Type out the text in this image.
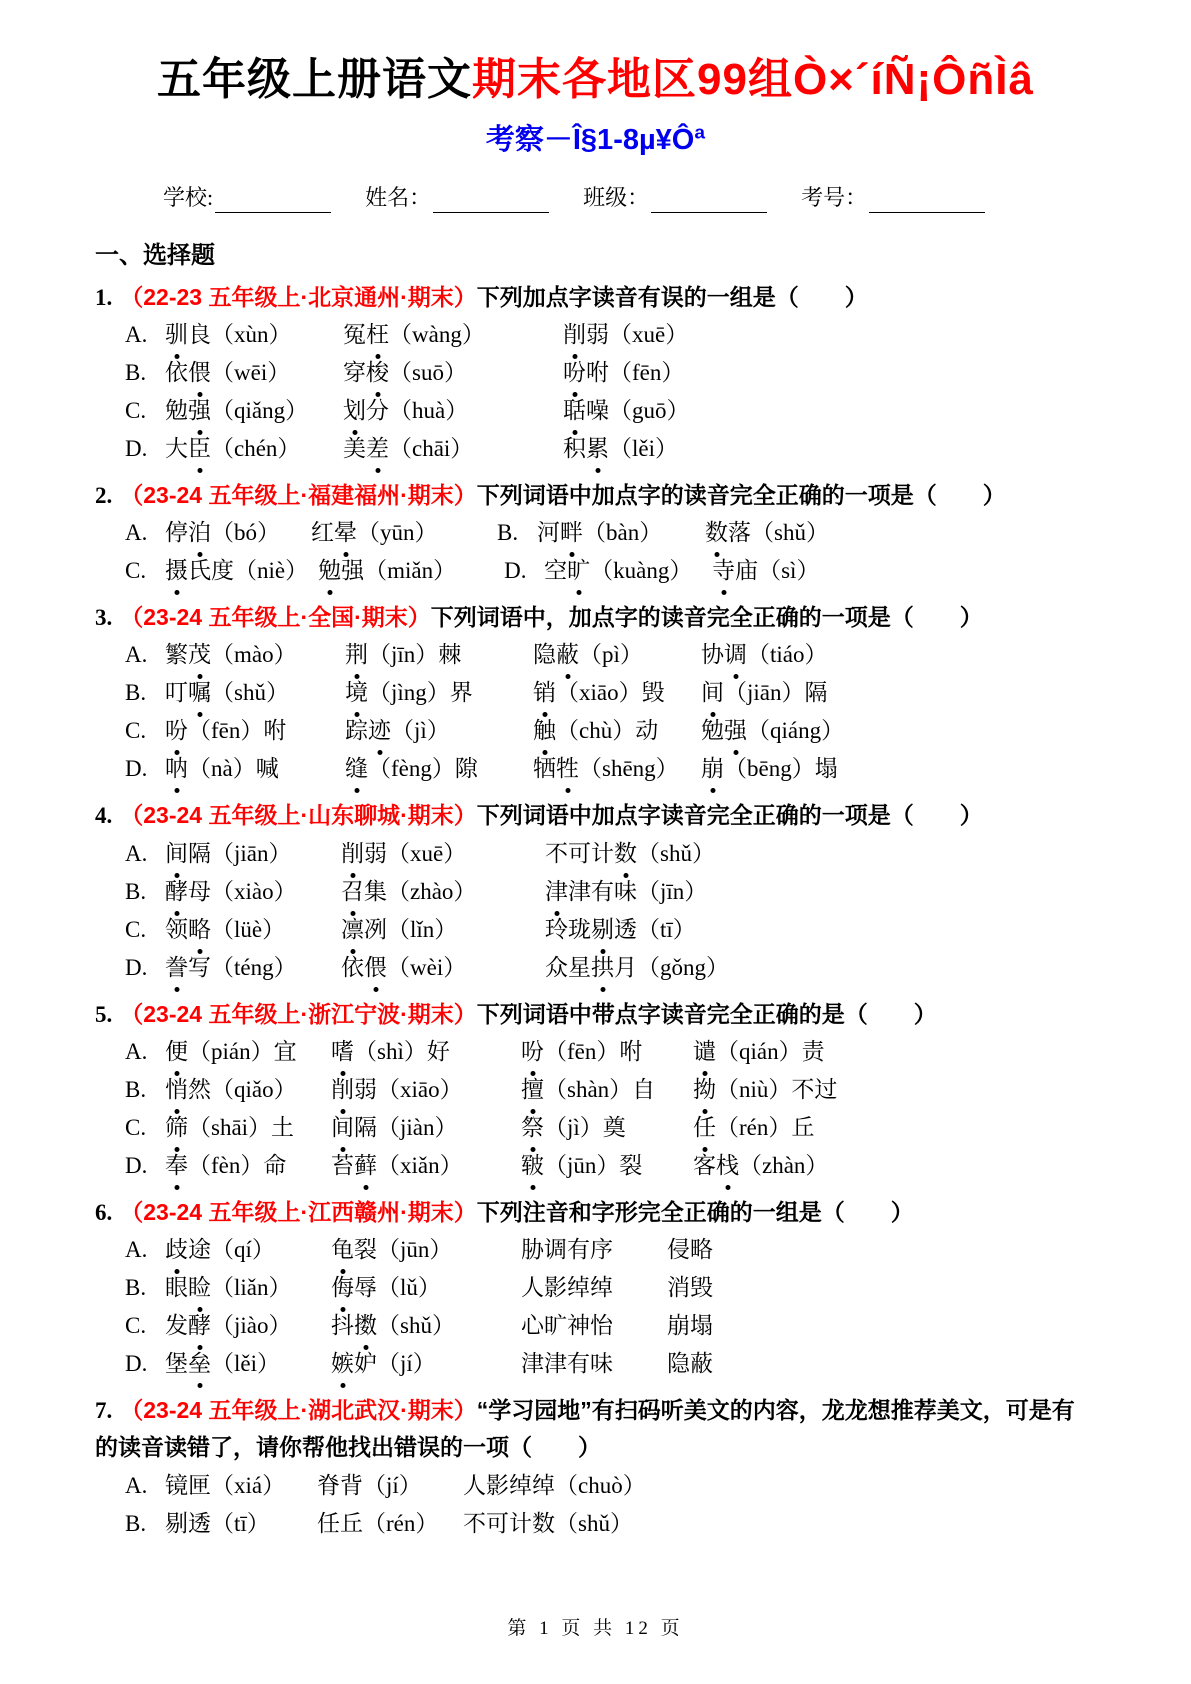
五年级上册语文期末各地区99组Ò×´íÑ¡ÔñÌâ
考察－Î§1-8µ¥Ôª
学校:	姓名：	班级：	考号：
一、选择题
1. （22-23 五年级上·北京通州·期末）下列加点字读音有误的一组是（　　）
A. 驯良（xùn）	冤枉（wàng）	削弱（xuē）
B. 依偎（wēi）	穿梭（suō）	吩咐（fēn）
C. 勉强（qiǎng）	划分（huà）	聒噪（guō）
D. 大臣（chén）	美差（chāi）	积累（lěi）
2. （23-24 五年级上·福建福州·期末）下列词语中加点字的读音完全正确的一项是（　　）
A. 停泊（bó）	红晕（yūn）	B. 河畔（bàn）	数落（shǔ）
C. 摄氏度（niè） 勉强（miǎn）	D. 空旷（kuàng） 寺庙（sì）
3. （23-24 五年级上·全国·期末）下列词语中，加点字的读音完全正确的一项是（　　）
A. 繁茂（mào）	荆（jīn）棘	隐蔽（pì）	协调（tiáo）
B. 叮嘱（shǔ）	境（jìng）界	销（xiāo）毁	间（jiān）隔
C. 吩（fēn）咐	踪迹（jì）	触（chù）动	勉强（qiáng）
D. 呐（nà）喊	缝（fèng）隙	牺牲（shēng） 崩（bēng）塌
4. （23-24 五年级上·山东聊城·期末）下列词语中加点字读音完全正确的一项是（　　）
A. 间隔（jiān）	削弱（xuē）	不可计数（shǔ）
B. 酵母（xiào）	召集（zhào）	津津有味（jīn）
C. 领略（lüè）	凛冽（lǐn）	玲珑剔透（tī）
D. 誊写（téng）	依偎（wèi）	众星拱月（gǒng）
5. （23-24 五年级上·浙江宁波·期末）下列词语中带点字读音完全正确的是（　　）
A. 便（pián）宜	嗜（shì）好	吩（fēn）咐	谴（qián）责
B. 悄然（qiǎo）	削弱（xiāo）	擅（shàn）自	拗（niù）不过
C. 筛（shāi）土	间隔（jiàn）	祭（jì）奠	任（rén）丘
D. 奉（fèn）命	苔藓（xiǎn）	皲（jūn）裂	客栈（zhàn）
6. （23-24 五年级上·江西赣州·期末）下列注音和字形完全正确的一组是（　　）
A. 歧途（qí）	龟裂（jūn）	胁调有序	侵略
B. 眼睑（liǎn）	侮辱（lǔ）	人影绰绰	消毁
C. 发酵（jiào）	抖擞（shǔ）	心旷神怡	崩塌
D. 堡垒（lěi）	嫉妒（jí）	津津有味	隐蔽
7. （23-24 五年级上·湖北武汉·期末）“学习园地”有扫码听美文的内容，龙龙想推荐美文，可是有的读音读错了，请你帮他找出错误的一项（　　）
A. 镜匣（xiá）	脊背（jí）	人影绰绰（chuò）
B. 剔透（tī）	任丘（rén）	不可计数（shǔ）
第 1 页 共 12 页
